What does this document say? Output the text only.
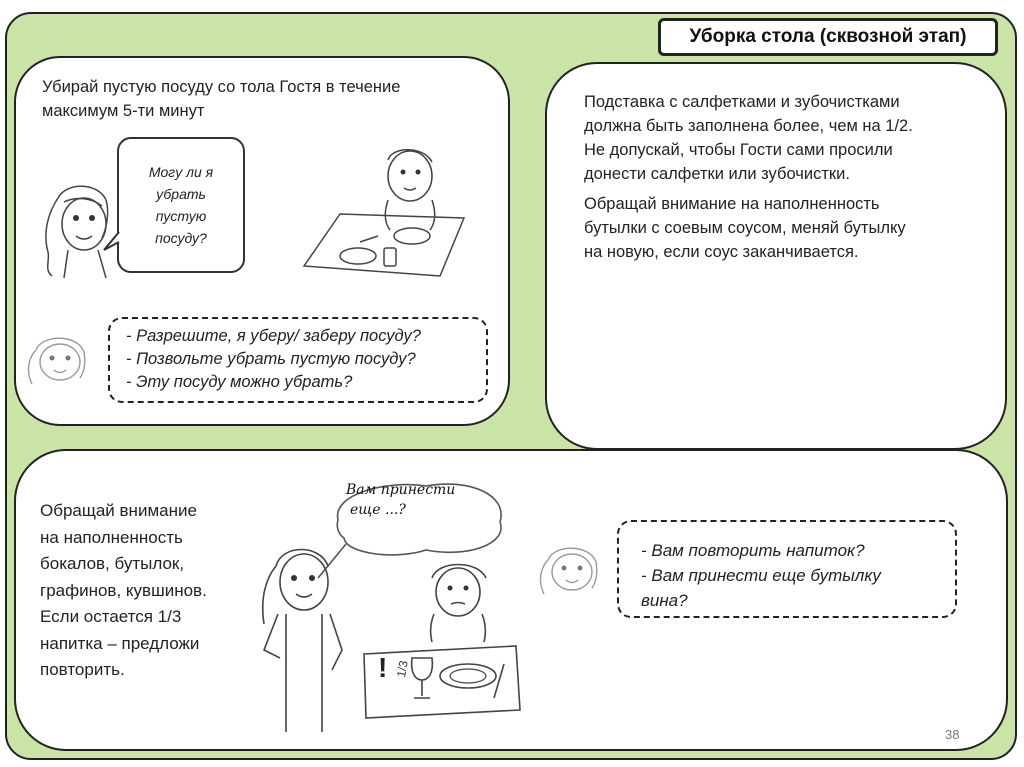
Уборка стола (сквозной этап)
Убирай пустую посуду со тола Гостя в течение
максимум 5-ти минут
Могу ли я убрать пустую посуду?
- Разрешите, я уберу/ заберу посуду?
- Позвольте убрать пустую посуду?
- Эту посуду можно убрать?

Подставка с салфетками и зубочистками
должна быть заполнена более, чем на 1/2.
Не допускай, чтобы Гости сами просили
донести салфетки или зубочистки.

Обращай внимание на наполненность
бутылки с соевым соусом, меняй бутылку
на новую, если соус заканчивается.

Обращай внимание
на наполненность
бокалов, бутылок,
графинов, кувшинов.
Если остается 1/3
напитка – предложи
повторить.
Вам принести
еще ...?
! 1/3
- Вам повторить напиток?
- Вам принести еще бутылку
вина?
38
